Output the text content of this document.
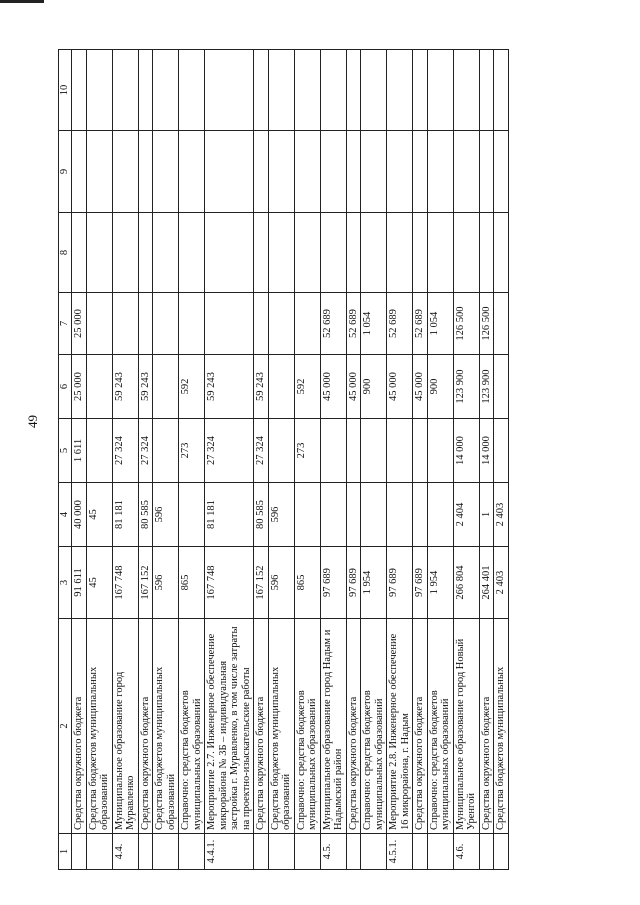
49
1	2	3	4	5	6	7	8	9	10
	Средства окружного бюджета	91 611	40 000	1 611	25 000	25 000			
	Средства бюджетов муниципальных образований	45	45						
4.4.	Муниципальное образование город Муравленко	167 748	81 181	27 324	59 243				
	Средства окружного бюджета	167 152	80 585	27 324	59 243				
	Средства бюджетов муниципальных образований	596	596						
	Справочно: средства бюджетов муниципальных образований	865		273	592				
4.4.1.	Мероприятие 2.7. Инженерное обеспечение микрорайона № 3Б – индивидуальная застройка г. Муравленко, в том числе затраты на проектно-изыскательские работы	167 748	81 181	27 324	59 243				
	Средства окружного бюджета	167 152	80 585	27 324	59 243				
	Средства бюджетов муниципальных образований	596	596						
	Справочно: средства бюджетов муниципальных образований	865		273	592				
4.5.	Муниципальное образование город Надым и Надымский район	97 689			45 000	52 689			
	Средства окружного бюджета	97 689			45 000	52 689			
	Справочно: средства бюджетов муниципальных образований	1 954			900	1 054			
4.5.1.	Мероприятие 2.8. Инженерное обеспечение 16 микрорайона, г. Надым	97 689			45 000	52 689			
	Средства окружного бюджета	97 689			45 000	52 689			
	Справочно: средства бюджетов муниципальных образований	1 954			900	1 054			
4.6.	Муниципальное образование город Новый Уренгой	266 804	2 404	14 000	123 900	126 500			
	Средства окружного бюджета	264 401	1	14 000	123 900	126 500			
	Средства бюджетов муниципальных	2 403	2 403						
